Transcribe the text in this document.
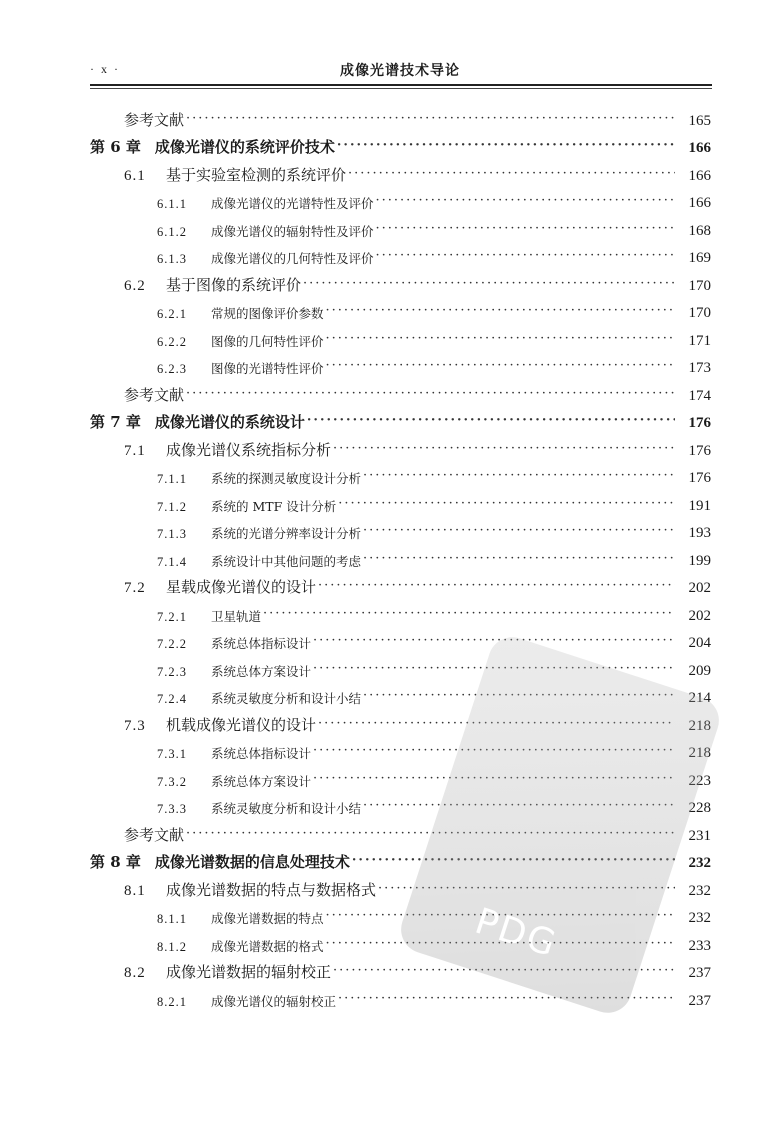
· x ·	成像光谱技术导论
参考文献 ·····	165
第 6 章 成像光谱仪的系统评价技术 ·····	166
6.1 基于实验室检测的系统评价 ·····	166
6.1.1 成像光谱仪的光谱特性及评价 ·····	166
6.1.2 成像光谱仪的辐射特性及评价 ·····	168
6.1.3 成像光谱仪的几何特性及评价 ·····	169
6.2 基于图像的系统评价 ·····	170
6.2.1 常规的图像评价参数 ·····	170
6.2.2 图像的几何特性评价 ·····	171
6.2.3 图像的光谱特性评价 ·····	173
参考文献 ·····	174
第 7 章 成像光谱仪的系统设计 ·····	176
7.1 成像光谱仪系统指标分析 ·····	176
7.1.1 系统的探测灵敏度设计分析 ·····	176
7.1.2 系统的 MTF 设计分析 ·····	191
7.1.3 系统的光谱分辨率设计分析 ·····	193
7.1.4 系统设计中其他问题的考虑 ·····	199
7.2 星载成像光谱仪的设计 ·····	202
7.2.1 卫星轨道 ·····	202
7.2.2 系统总体指标设计 ·····	204
7.2.3 系统总体方案设计 ·····	209
7.2.4 系统灵敏度分析和设计小结 ·····	214
7.3 机载成像光谱仪的设计 ·····	218
7.3.1 系统总体指标设计 ·····	218
7.3.2 系统总体方案设计 ·····	223
7.3.3 系统灵敏度分析和设计小结 ·····	228
参考文献 ·····	231
第 8 章 成像光谱数据的信息处理技术 ·····	232
8.1 成像光谱数据的特点与数据格式 ·····	232
8.1.1 成像光谱数据的特点 ·····	232
8.1.2 成像光谱数据的格式 ·····	233
8.2 成像光谱数据的辐射校正 ·····	237
8.2.1 成像光谱仪的辐射校正 ·····	237
PDG
